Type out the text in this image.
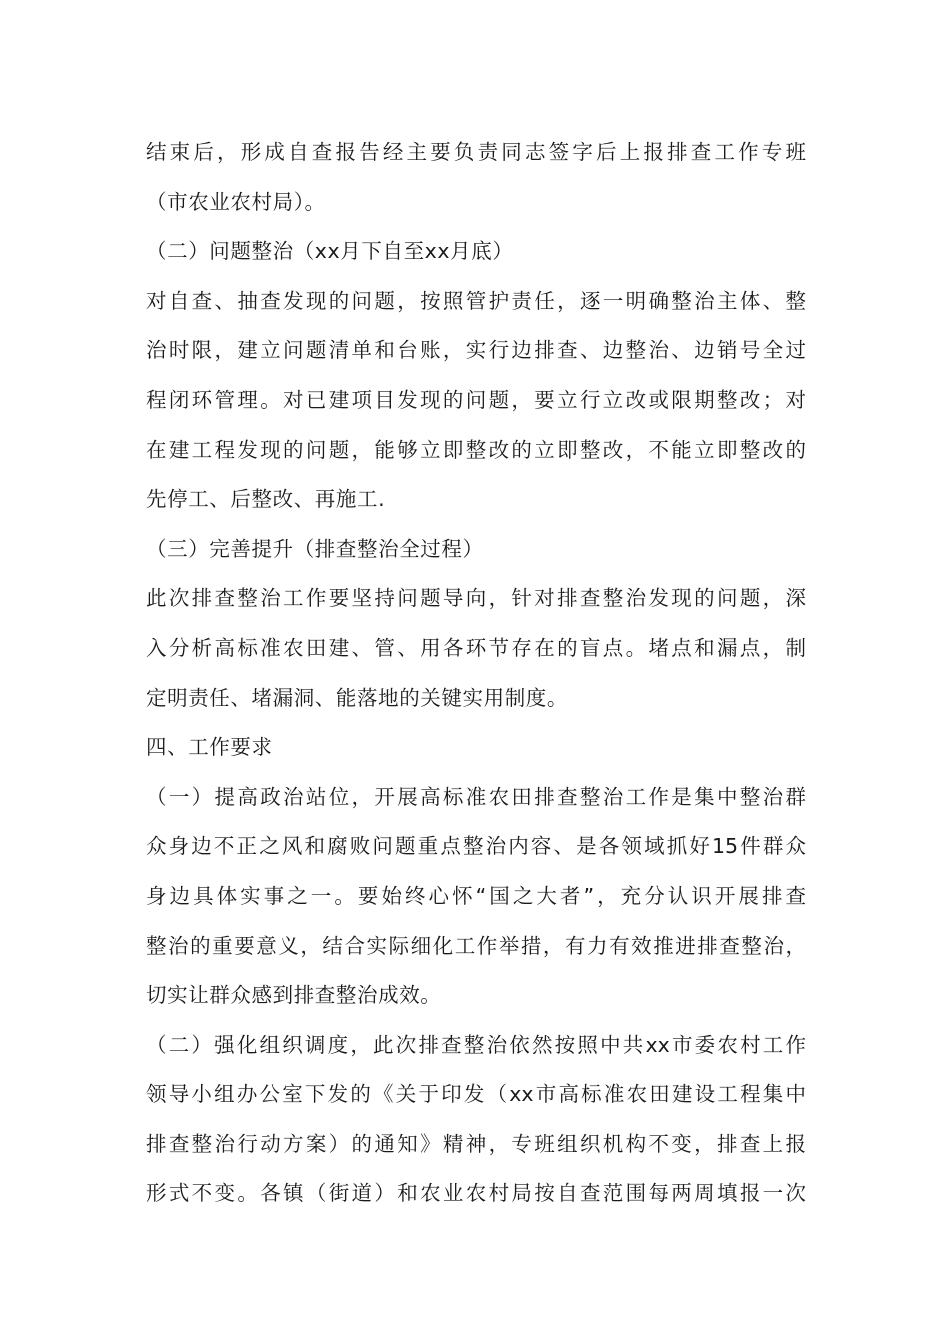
结束后，形成自查报告经主要负责同志签字后上报排查工作专班
（市农业农村局）。
（二）问题整治（xx月下自至xx月底）
对自查、抽查发现的问题，按照管护责任，逐一明确整治主体、整
治时限，建立问题清单和台账，实行边排查、边整治、边销号全过
程闭环管理。对已建项目发现的问题，要立行立改或限期整改；对
在建工程发现的问题，能够立即整改的立即整改，不能立即整改的
先停工、后整改、再施工.
（三）完善提升（排查整治全过程）
此次排查整治工作要坚持问题导向，针对排查整治发现的问题，深
入分析高标准农田建、管、用各环节存在的盲点。堵点和漏点，制
定明责任、堵漏洞、能落地的关键实用制度。
四、工作要求
（一）提高政治站位，开展高标准农田排查整治工作是集中整治群
众身边不正之风和腐败问题重点整治内容、是各领域抓好15件群众
身边具体实事之一。要始终心怀“国之大者”，充分认识开展排查
整治的重要意义，结合实际细化工作举措，有力有效推进排查整治，
切实让群众感到排查整治成效。
（二）强化组织调度，此次排查整治依然按照中共xx市委农村工作
领导小组办公室下发的《关于印发（xx市高标准农田建设工程集中
排查整治行动方案）的通知》精神，专班组织机构不变，排查上报
形式不变。各镇（街道）和农业农村局按自查范围每两周填报一次
